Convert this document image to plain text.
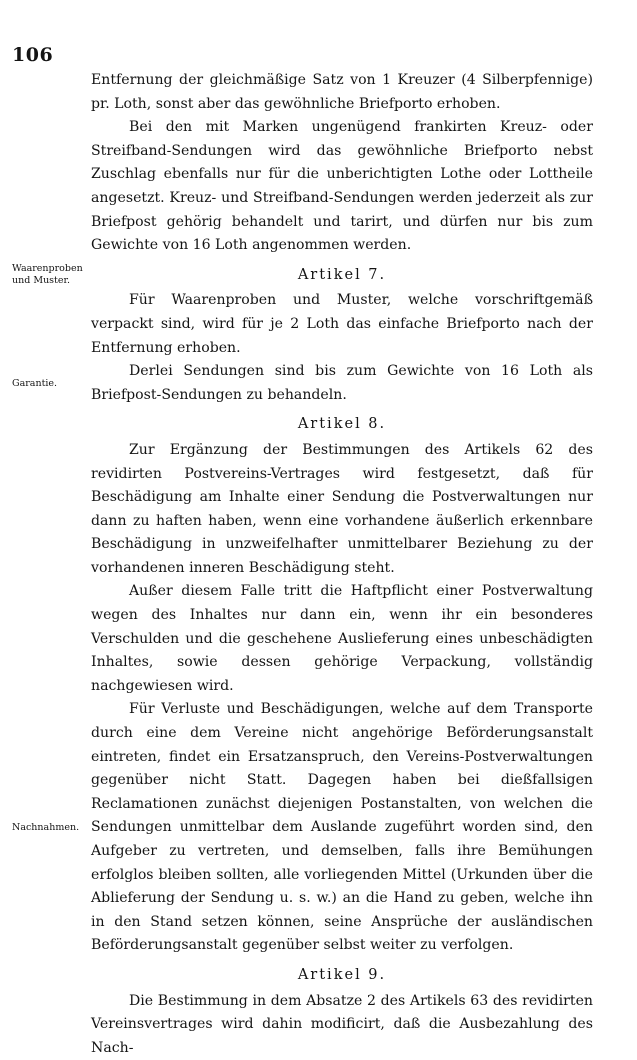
106
Waarenproben und Muster.
Garantie.
Nachnahmen.

Entfernung der gleichmäßige Satz von 1 Kreuzer (4 Silberpfennige) pr. Loth, sonst aber das gewöhnliche Briefporto erhoben.

Bei den mit Marken ungenügend frankirten Kreuz- oder Streifband-Sendungen wird das gewöhnliche Briefporto nebst Zuschlag ebenfalls nur für die unberichtigten Lothe oder Lottheile angesetzt. Kreuz- und Streifband-Sendungen werden jederzeit als zur Briefpost gehörig behandelt und tarirt, und dürfen nur bis zum Gewichte von 16 Loth angenommen werden.

Artikel 7.

Für Waarenproben und Muster, welche vorschriftgemäß verpackt sind, wird für je 2 Loth das einfache Briefporto nach der Entfernung erhoben.

Derlei Sendungen sind bis zum Gewichte von 16 Loth als Briefpost-Sendungen zu behandeln.

Artikel 8.

Zur Ergänzung der Bestimmungen des Artikels 62 des revidirten Postvereins-Vertrages wird festgesetzt, daß für Beschädigung am Inhalte einer Sendung die Postverwaltungen nur dann zu haften haben, wenn eine vorhandene äußerlich erkennbare Beschädigung in unzweifelhafter unmittelbarer Beziehung zu der vorhandenen inneren Beschädigung steht.

Außer diesem Falle tritt die Haftpflicht einer Postverwaltung wegen des Inhaltes nur dann ein, wenn ihr ein besonderes Verschulden und die geschehene Auslieferung eines unbeschädigten Inhaltes, sowie dessen gehörige Verpackung, vollständig nachgewiesen wird.

Für Verluste und Beschädigungen, welche auf dem Transporte durch eine dem Vereine nicht angehörige Beförderungsanstalt eintreten, findet ein Ersatzanspruch, den Vereins-Postverwaltungen gegenüber nicht Statt. Dagegen haben bei dießfallsigen Reclamationen zunächst diejenigen Postanstalten, von welchen die Sendungen unmittelbar dem Auslande zugeführt worden sind, den Aufgeber zu vertreten, und demselben, falls ihre Bemühungen erfolglos bleiben sollten, alle vorliegenden Mittel (Urkunden über die Ablieferung der Sendung u. s. w.) an die Hand zu geben, welche ihn in den Stand setzen können, seine Ansprüche der ausländischen Beförderungsanstalt gegenüber selbst weiter zu verfolgen.

Artikel 9.

Die Bestimmung in dem Absatze 2 des Artikels 63 des revidirten Vereinsvertrages wird dahin modificirt, daß die Ausbezahlung des Nach-
